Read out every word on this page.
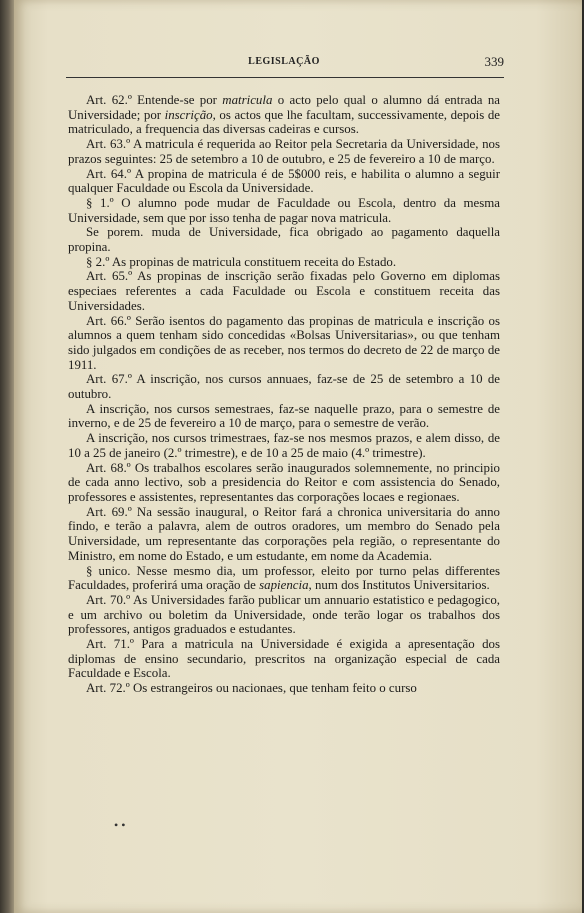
LEGISLAÇÃO	339

Art. 62.º Entende-se por matricula o acto pelo qual o alumno dá entrada na Universidade; por inscrição, os actos que lhe facultam, successivamente, depois de matriculado, a frequencia das diversas cadeiras e cursos.

Art. 63.º A matricula é requerida ao Reitor pela Secretaria da Universidade, nos prazos seguintes: 25 de setembro a 10 de outubro, e 25 de fevereiro a 10 de março.

Art. 64.º A propina de matricula é de 5$000 reis, e habilita o alumno a seguir qualquer Faculdade ou Escola da Universidade.

§ 1.º O alumno pode mudar de Faculdade ou Escola, dentro da mesma Universidade, sem que por isso tenha de pagar nova matricula.

Se porem. muda de Universidade, fica obrigado ao pagamento daquella propina.

§ 2.º As propinas de matricula constituem receita do Estado.

Art. 65.º As propinas de inscrição serão fixadas pelo Governo em diplomas especiaes referentes a cada Faculdade ou Escola e constituem receita das Universidades.

Art. 66.º Serão isentos do pagamento das propinas de matricula e inscrição os alumnos a quem tenham sido concedidas «Bolsas Universitarias», ou que tenham sido julgados em condições de as receber, nos termos do decreto de 22 de março de 1911.

Art. 67.º A inscrição, nos cursos annuaes, faz-se de 25 de setembro a 10 de outubro.

A inscrição, nos cursos semestraes, faz-se naquelle prazo, para o semestre de inverno, e de 25 de fevereiro a 10 de março, para o semestre de verão.

A inscrição, nos cursos trimestraes, faz-se nos mesmos prazos, e alem disso, de 10 a 25 de janeiro (2.º trimestre), e de 10 a 25 de maio (4.º trimestre).

Art. 68.º Os trabalhos escolares serão inaugurados solemnemente, no principio de cada anno lectivo, sob a presidencia do Reitor e com assistencia do Senado, professores e assistentes, representantes das corporações locaes e regionaes.

Art. 69.º Na sessão inaugural, o Reitor fará a chronica universitaria do anno findo, e terão a palavra, alem de outros oradores, um membro do Senado pela Universidade, um representante das corporações pela região, o representante do Ministro, em nome do Estado, e um estudante, em nome da Academia.

§ unico. Nesse mesmo dia, um professor, eleito por turno pelas differentes Faculdades, proferirá uma oração de sapiencia, num dos Institutos Universitarios.

Art. 70.º As Universidades farão publicar um annuario estatistico e pedagogico, e um archivo ou boletim da Universidade, onde terão logar os trabalhos dos professores, antigos graduados e estudantes.

Art. 71.º Para a matricula na Universidade é exigida a apresentação dos diplomas de ensino secundario, prescritos na organização especial de cada Faculdade e Escola.

Art. 72.º Os estrangeiros ou nacionaes, que tenham feito o curso

• •
